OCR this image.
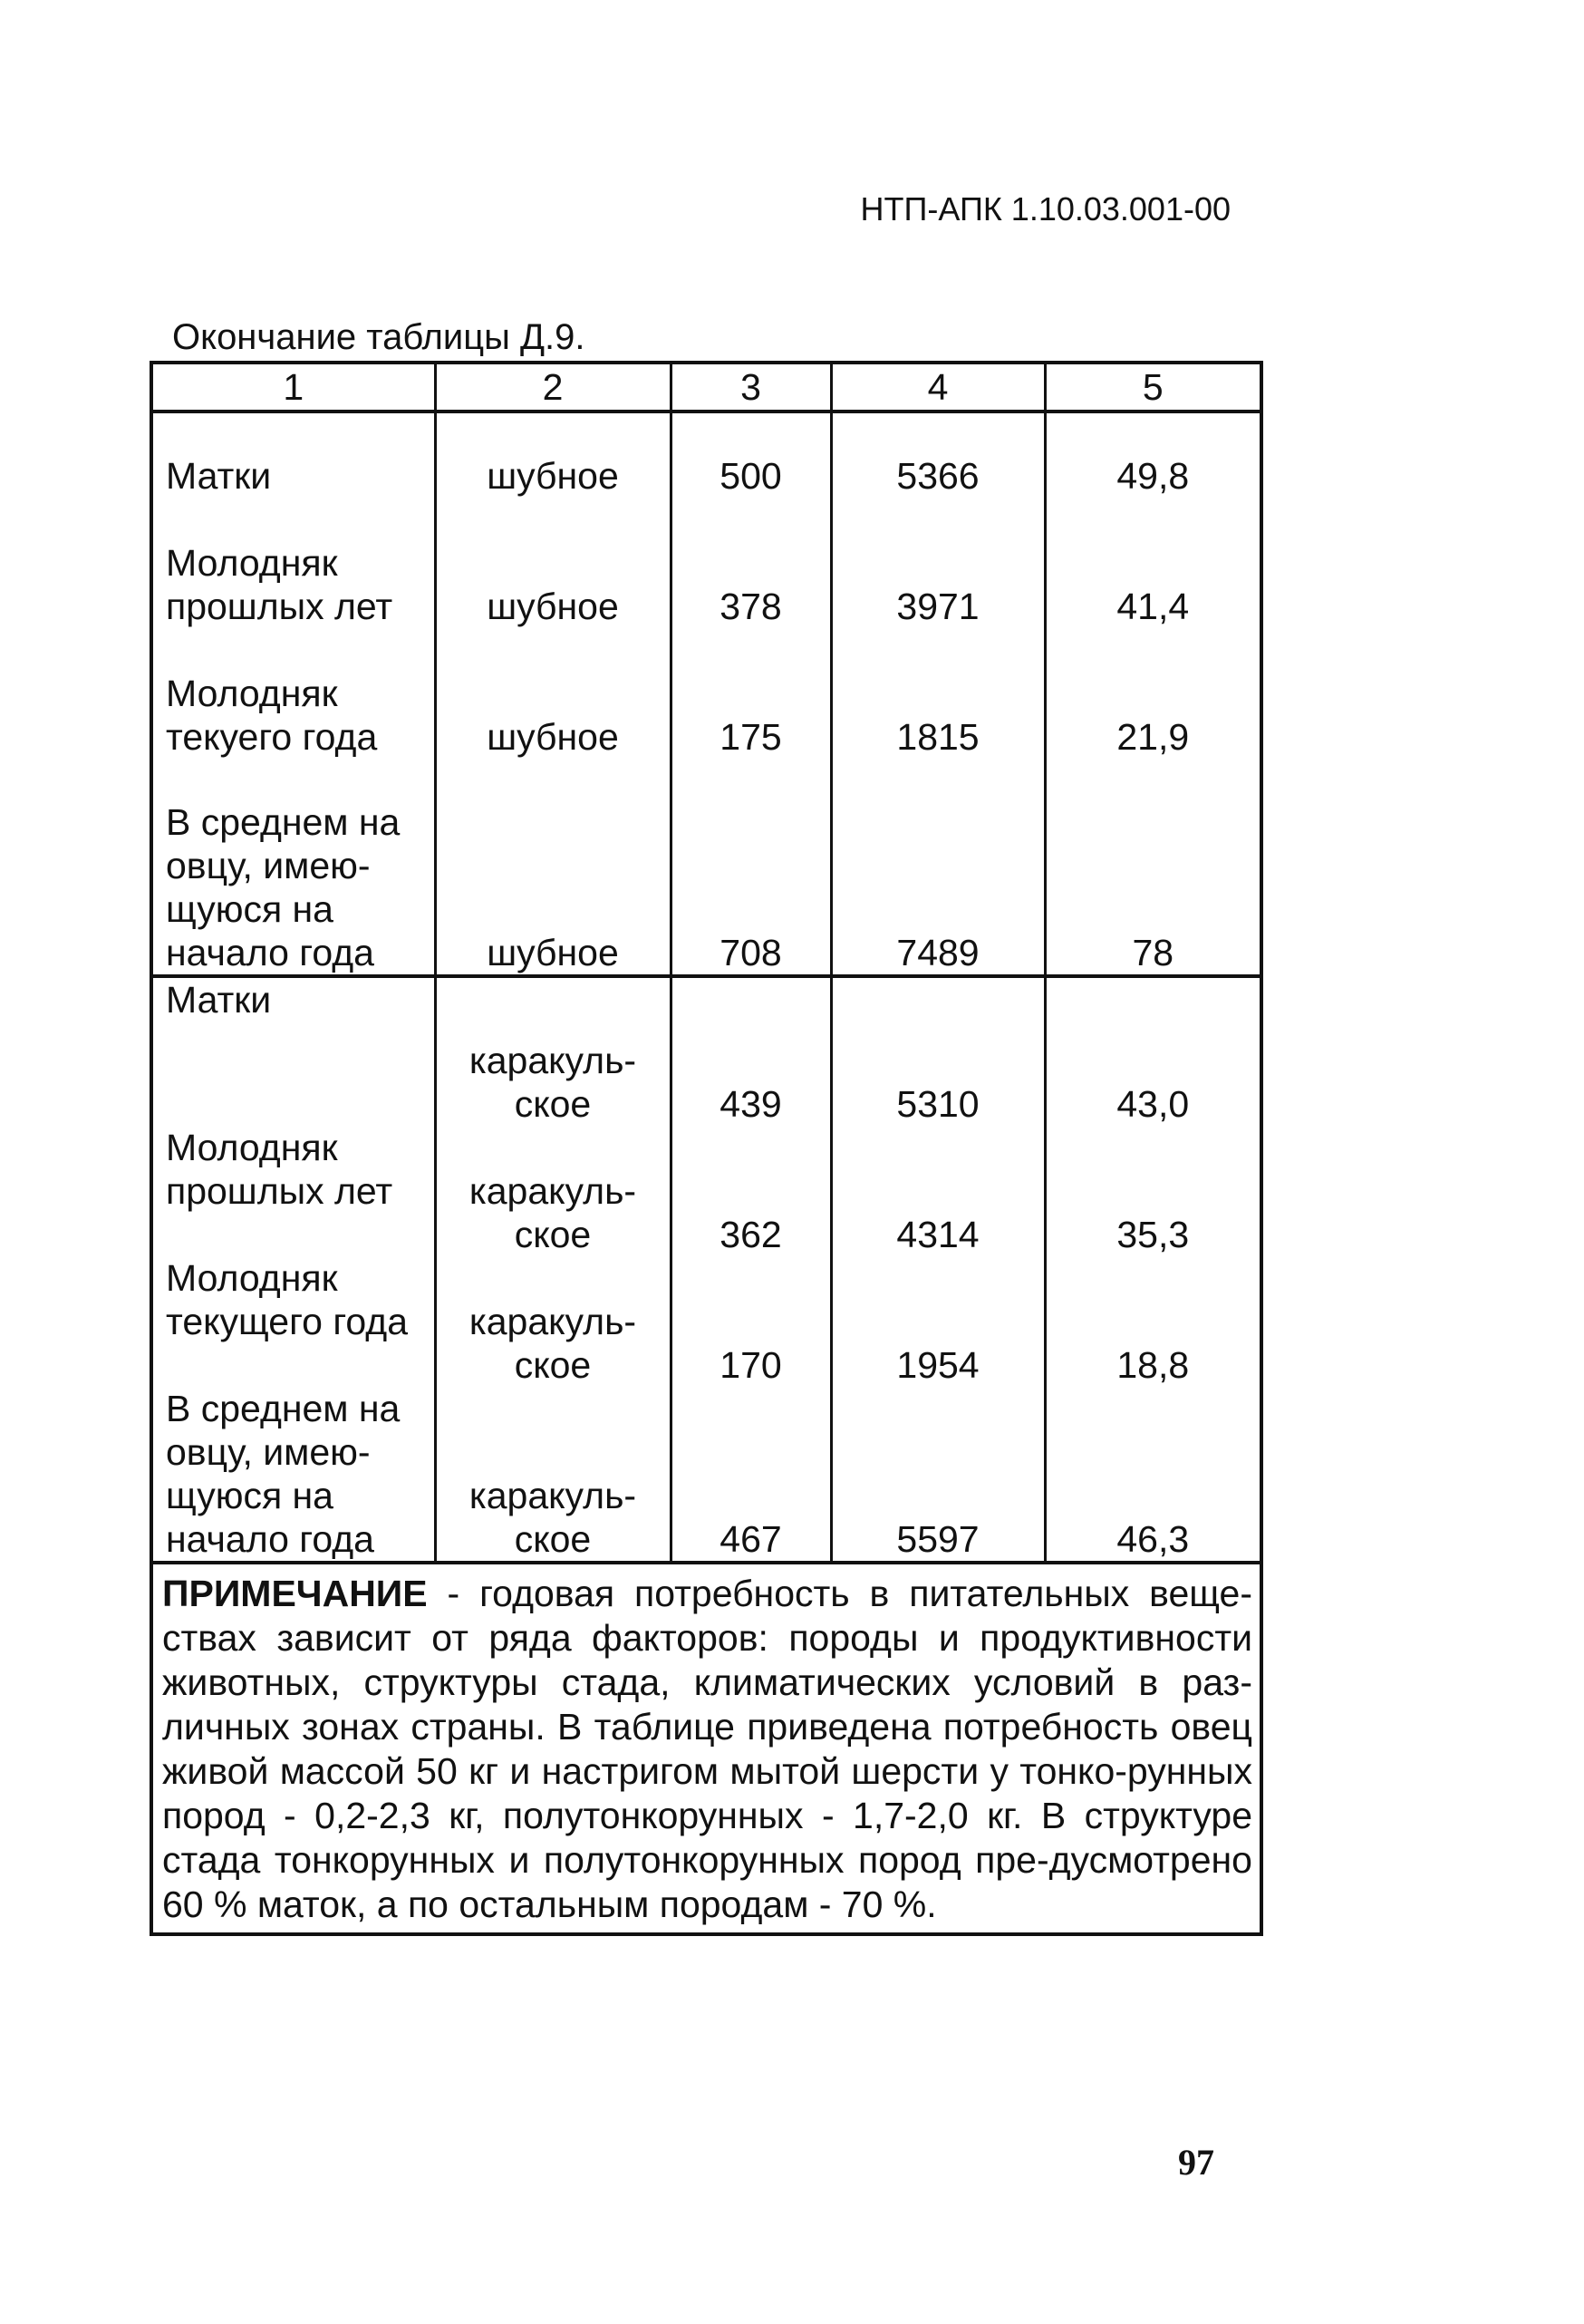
НТП-АПК 1.10.03.001-00
Окончание таблицы Д.9.
1	2	3	4	5
Матки	шубное	500	5366	49,8
Молодняк прошлых лет	шубное	378	3971	41,4
Молодняк текуего года	шубное	175	1815	21,9
В среднем на овцу, имею-щуюся на начало года	шубное	708	7489	78
Матки	каракуль-ское	439	5310	43,0
Молодняк прошлых лет	каракуль-ское	362	4314	35,3
Молодняк текущего года	каракуль-ское	170	1954	18,8
В среднем на овцу, имею-щуюся на начало года	каракуль-ское	467	5597	46,3
ПРИМЕЧАНИЕ - годовая потребность в питательных веще-ствах зависит от ряда факторов: породы и продуктивности животных, структуры стада, климатических условий в раз-личных зонах страны. В таблице приведена потребность овец живой массой 50 кг и настригом мытой шерсти у тонко-рунных пород - 0,2-2,3 кг, полутонкорунных - 1,7-2,0 кг. В структуре стада тонкорунных и полутонкорунных пород пре-дусмотрено 60 % маток, а по остальным породам - 70 %.				
97
